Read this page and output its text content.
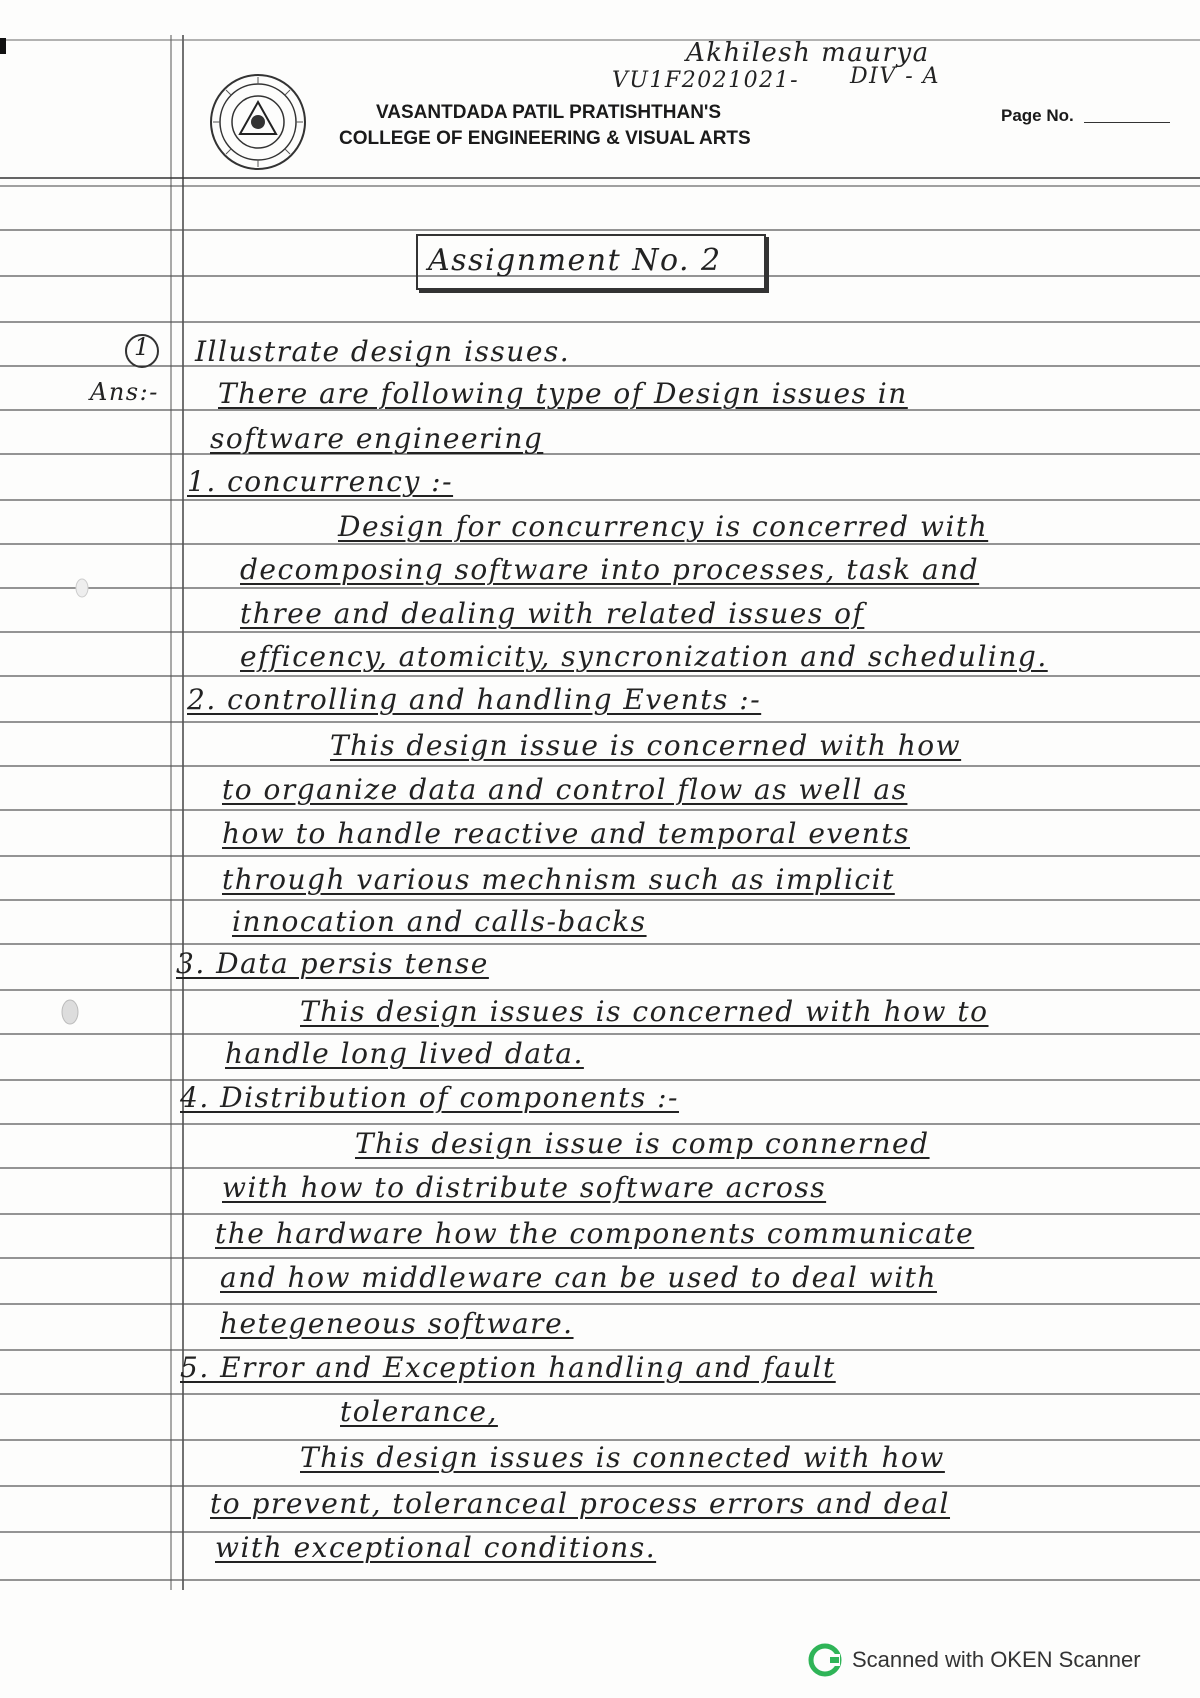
Akhilesh maurya
VU1F2021021- DIV - A
VASANTDADA PATIL PRATISHTHAN'S
COLLEGE OF ENGINEERING & VISUAL ARTS
Page No.
Assignment No. 2
1 Illustrate design issues.
Ans:- There are following type of Design issues in
software engineering
1. concurrency :-
Design for concurrency is concerred with
decomposing software into processes, task and
three and dealing with related issues of
efficency, atomicity, syncronization and scheduling.
2. controlling and handling Events :-
This design issue is concerned with how
to organize data and control flow as well as
how to handle reactive and temporal events
through various mechnism such as implicit
innocation and calls-backs
3. Data persis tense
This design issues is concerned with how to
handle long lived data.
4. Distribution of components :-
This design issue is comp connerned
with how to distribute software across
the hardware how the components communicate
and how middleware can be used to deal with
hetegeneous software.
5. Error and Exception handling and fault
tolerance,
This design issues is connected with how
to prevent, toleranceal process errors and deal
with exceptional conditions.
Scanned with OKEN Scanner
